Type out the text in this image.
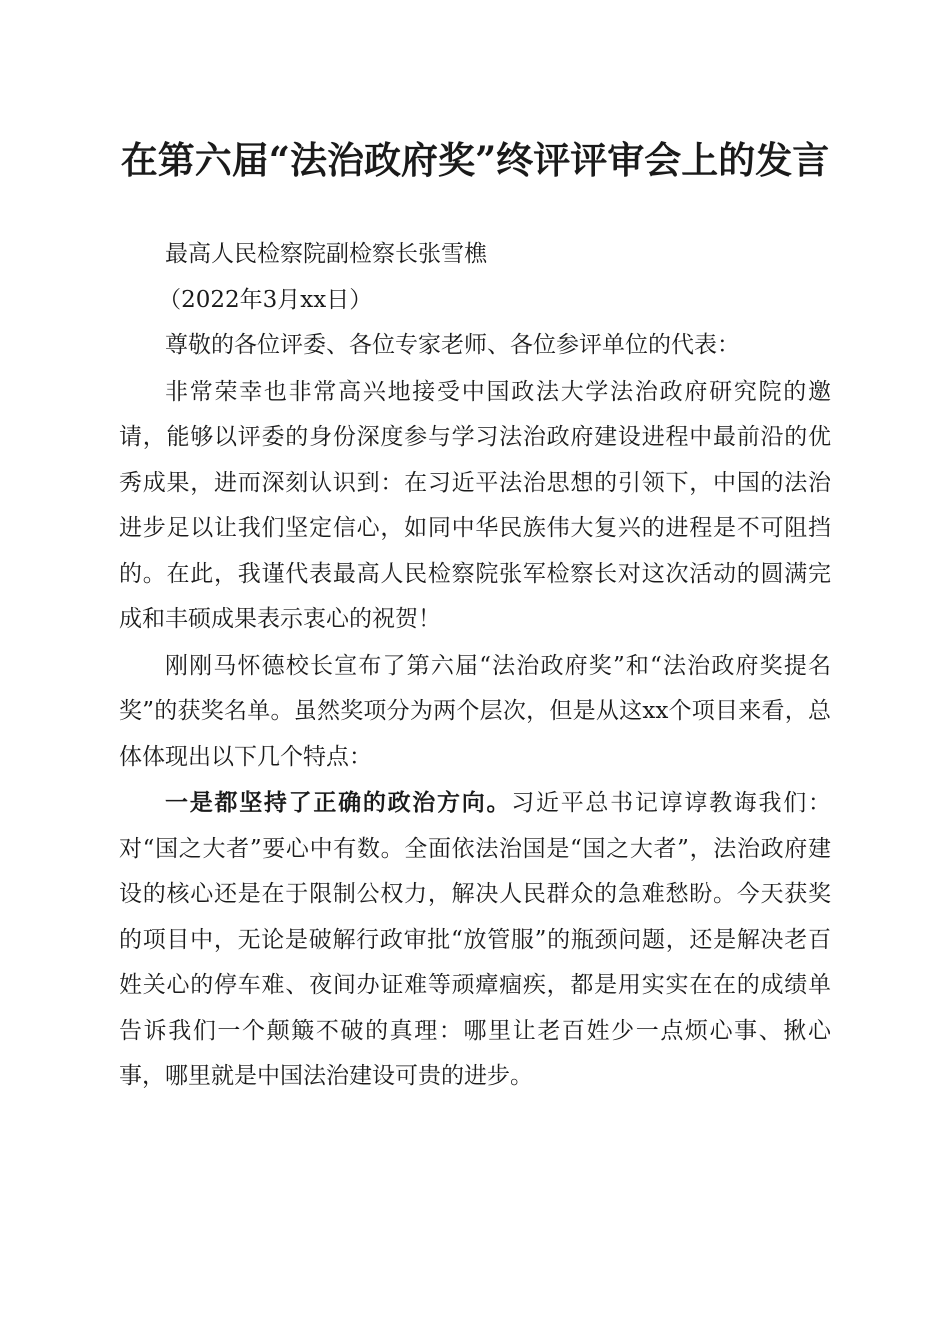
在第六届“法治政府奖”终评评审会上的发言

最高人民检察院副检察长张雪樵

（2022年3月xx日）

尊敬的各位评委、各位专家老师、各位参评单位的代表：

非常荣幸也非常高兴地接受中国政法大学法治政府研究院的邀请，能够以评委的身份深度参与学习法治政府建设进程中最前沿的优秀成果，进而深刻认识到：在习近平法治思想的引领下，中国的法治进步足以让我们坚定信心，如同中华民族伟大复兴的进程是不可阻挡的。在此，我谨代表最高人民检察院张军检察长对这次活动的圆满完成和丰硕成果表示衷心的祝贺！

刚刚马怀德校长宣布了第六届“法治政府奖”和“法治政府奖提名奖”的获奖名单。虽然奖项分为两个层次，但是从这xx个项目来看，总体体现出以下几个特点：

一是都坚持了正确的政治方向。习近平总书记谆谆教诲我们：对“国之大者”要心中有数。全面依法治国是“国之大者”，法治政府建设的核心还是在于限制公权力，解决人民群众的急难愁盼。今天获奖的项目中，无论是破解行政审批“放管服”的瓶颈问题，还是解决老百姓关心的停车难、夜间办证难等顽瘴痼疾，都是用实实在在的成绩单告诉我们一个颠簸不破的真理：哪里让老百姓少一点烦心事、揪心事，哪里就是中国法治建设可贵的进步。
